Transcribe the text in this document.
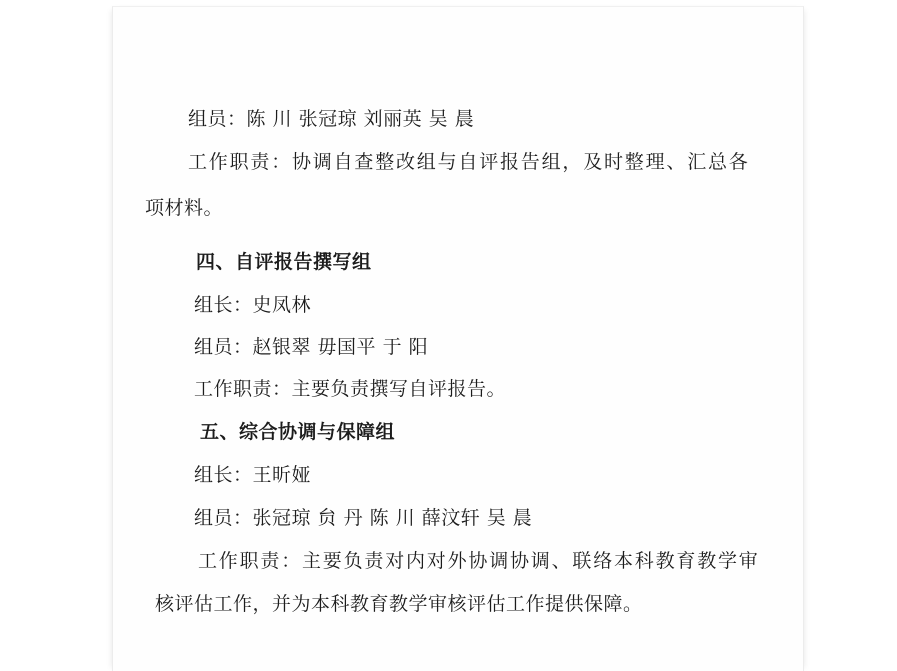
组员：陈 川 张冠琼 刘丽英 吴 晨
工作职责：协调自查整改组与自评报告组，及时整理、汇总各
项材料。
四、自评报告撰写组
组长：史凤林
组员：赵银翠 毋国平 于 阳
工作职责：主要负责撰写自评报告。
五、综合协调与保障组
组长：王昕娅
组员：张冠琼 贠 丹 陈 川 薛汶轩 吴 晨
工作职责：主要负责对内对外协调协调、联络本科教育教学审
核评估工作，并为本科教育教学审核评估工作提供保障。
